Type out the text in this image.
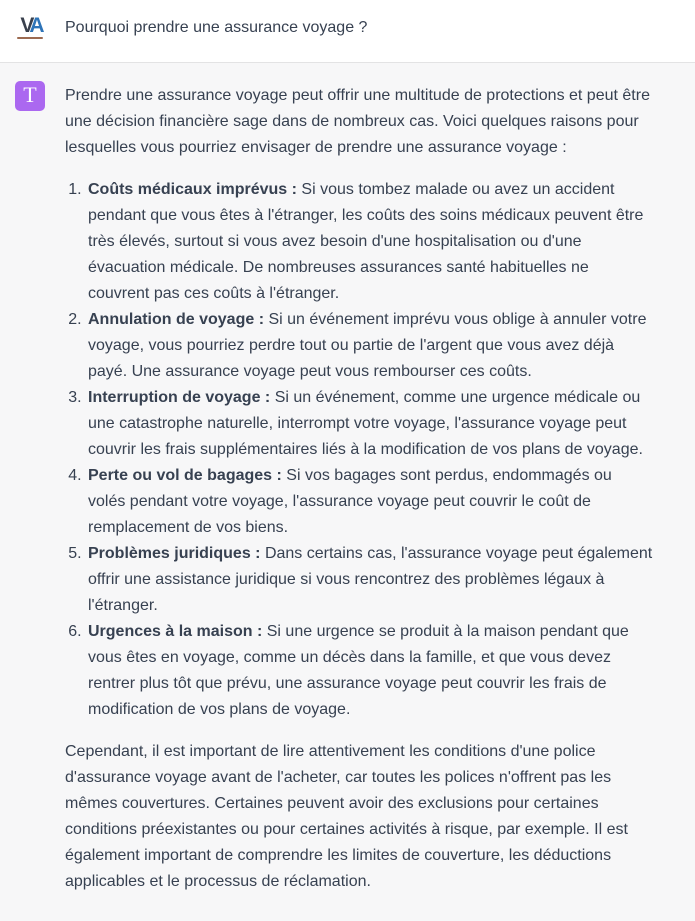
V A Pourquoi prendre une assurance voyage ?

T Prendre une assurance voyage peut offrir une multitude de protections et peut être une décision financière sage dans de nombreux cas. Voici quelques raisons pour lesquelles vous pourriez envisager de prendre une assurance voyage :

1. Coûts médicaux imprévus : Si vous tombez malade ou avez un accident pendant que vous êtes à l'étranger, les coûts des soins médicaux peuvent être très élevés, surtout si vous avez besoin d'une hospitalisation ou d'une évacuation médicale. De nombreuses assurances santé habituelles ne couvrent pas ces coûts à l'étranger.
2. Annulation de voyage : Si un événement imprévu vous oblige à annuler votre voyage, vous pourriez perdre tout ou partie de l'argent que vous avez déjà payé. Une assurance voyage peut vous rembourser ces coûts.
3. Interruption de voyage : Si un événement, comme une urgence médicale ou une catastrophe naturelle, interrompt votre voyage, l'assurance voyage peut couvrir les frais supplémentaires liés à la modification de vos plans de voyage.
4. Perte ou vol de bagages : Si vos bagages sont perdus, endommagés ou volés pendant votre voyage, l'assurance voyage peut couvrir le coût de remplacement de vos biens.
5. Problèmes juridiques : Dans certains cas, l'assurance voyage peut également offrir une assistance juridique si vous rencontrez des problèmes légaux à l'étranger.
6. Urgences à la maison : Si une urgence se produit à la maison pendant que vous êtes en voyage, comme un décès dans la famille, et que vous devez rentrer plus tôt que prévu, une assurance voyage peut couvrir les frais de modification de vos plans de voyage.

Cependant, il est important de lire attentivement les conditions d'une police d'assurance voyage avant de l'acheter, car toutes les polices n'offrent pas les mêmes couvertures. Certaines peuvent avoir des exclusions pour certaines conditions préexistantes ou pour certaines activités à risque, par exemple. Il est également important de comprendre les limites de couverture, les déductions applicables et le processus de réclamation.
